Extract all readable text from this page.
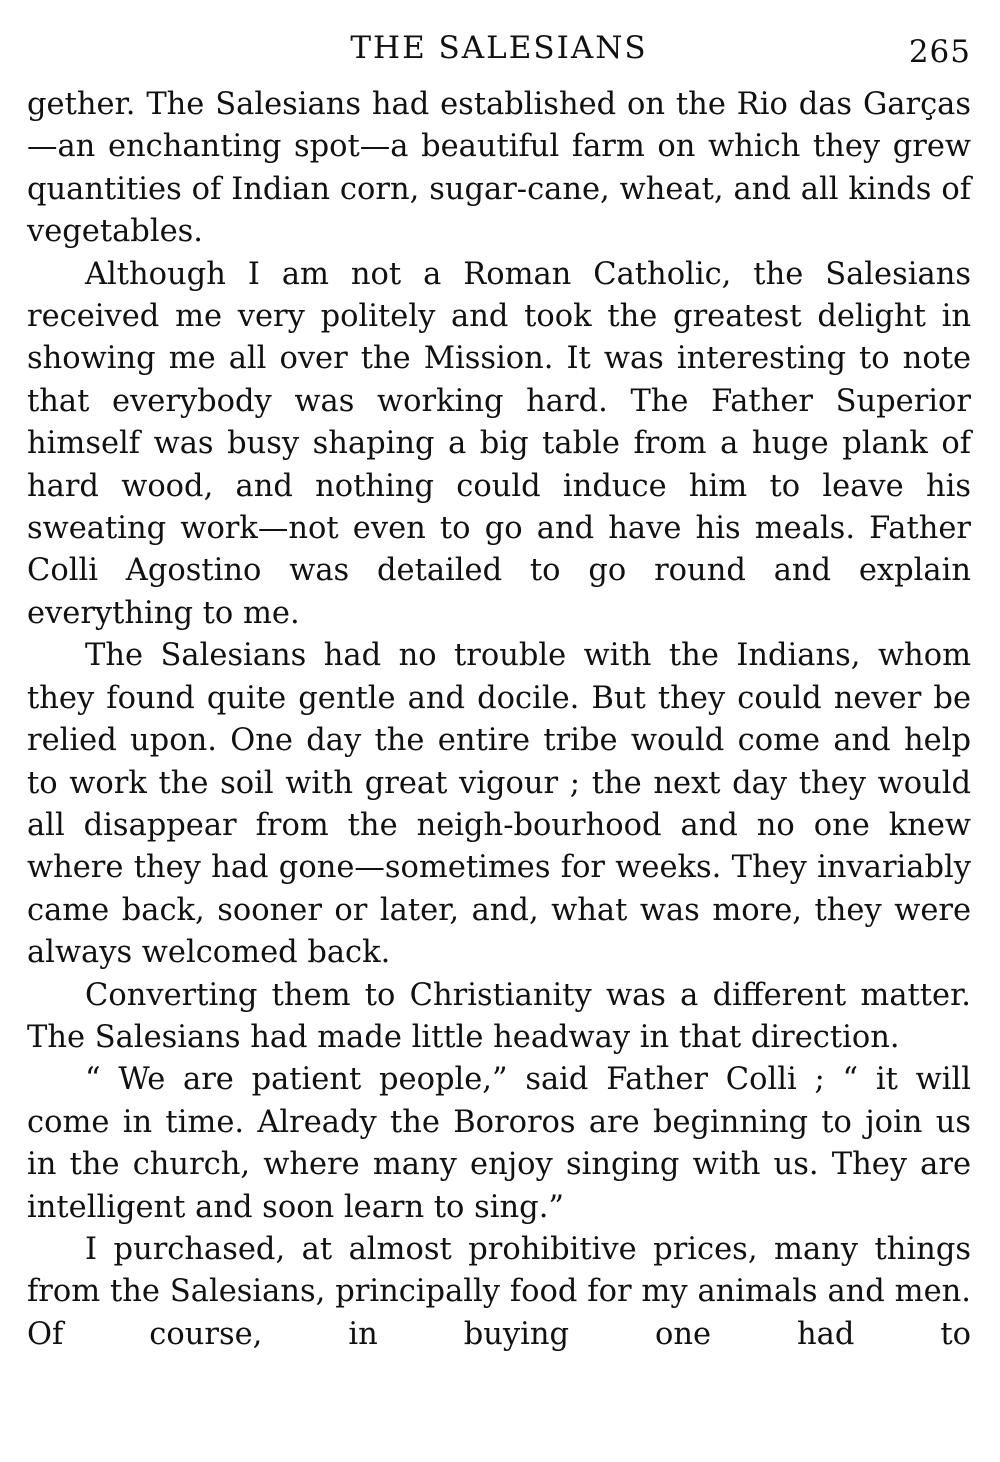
THE SALESIANS	265

gether. The Salesians had established on the Rio das Garças—an enchanting spot—a beautiful farm on which they grew quantities of Indian corn, sugar-cane, wheat, and all kinds of vegetables.

Although I am not a Roman Catholic, the Salesians received me very politely and took the greatest delight in showing me all over the Mission. It was interesting to note that everybody was working hard. The Father Superior himself was busy shaping a big table from a huge plank of hard wood, and nothing could induce him to leave his sweating work—not even to go and have his meals. Father Colli Agostino was detailed to go round and explain everything to me.

The Salesians had no trouble with the Indians, whom they found quite gentle and docile. But they could never be relied upon. One day the entire tribe would come and help to work the soil with great vigour ; the next day they would all disappear from the neigh-bourhood and no one knew where they had gone—sometimes for weeks. They invariably came back, sooner or later, and, what was more, they were always welcomed back.

Converting them to Christianity was a different matter. The Salesians had made little headway in that direction.

“ We are patient people,” said Father Colli ; “ it will come in time. Already the Bororos are beginning to join us in the church, where many enjoy singing with us. They are intelligent and soon learn to sing.”

I purchased, at almost prohibitive prices, many things from the Salesians, principally food for my animals and men. Of course, in buying one had to
